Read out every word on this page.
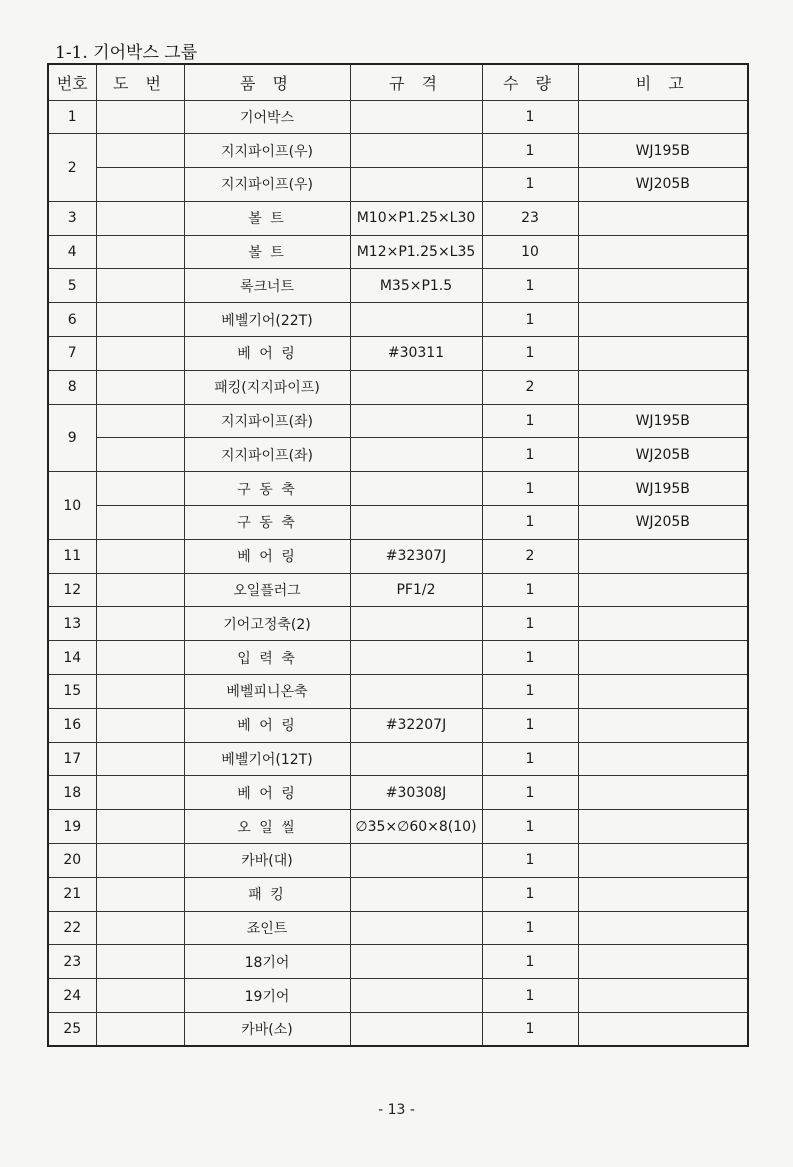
1-1. 기어박스 그룹
번호	도 번	품 명	규 격	수 량	비 고
1		기어박스		1	
2		지지파이프(우)		1	WJ195B
		지지파이프(우)		1	WJ205B
3		볼 트	M10×P1.25×L30	23	
4		볼 트	M12×P1.25×L35	10	
5		록크너트	M35×P1.5	1	
6		베벨기어(22T)		1	
7		베 어 링	#30311	1	
8		패킹(지지파이프)		2	
9		지지파이프(좌)		1	WJ195B
		지지파이프(좌)		1	WJ205B
10		구 동 축		1	WJ195B
		구 동 축		1	WJ205B
11		베 어 링	#32307J	2	
12		오일플러그	PF1/2	1	
13		기어고정축(2)		1	
14		입 력 축		1	
15		베벨피니온축		1	
16		베 어 링	#32207J	1	
17		베벨기어(12T)		1	
18		베 어 링	#30308J	1	
19		오 일 씰	∅35×∅60×8(10)	1	
20		카바(대)		1	
21		패 킹		1	
22		죠인트		1	
23		18기어		1	
24		19기어		1	
25		카바(소)		1	
- 13 -
